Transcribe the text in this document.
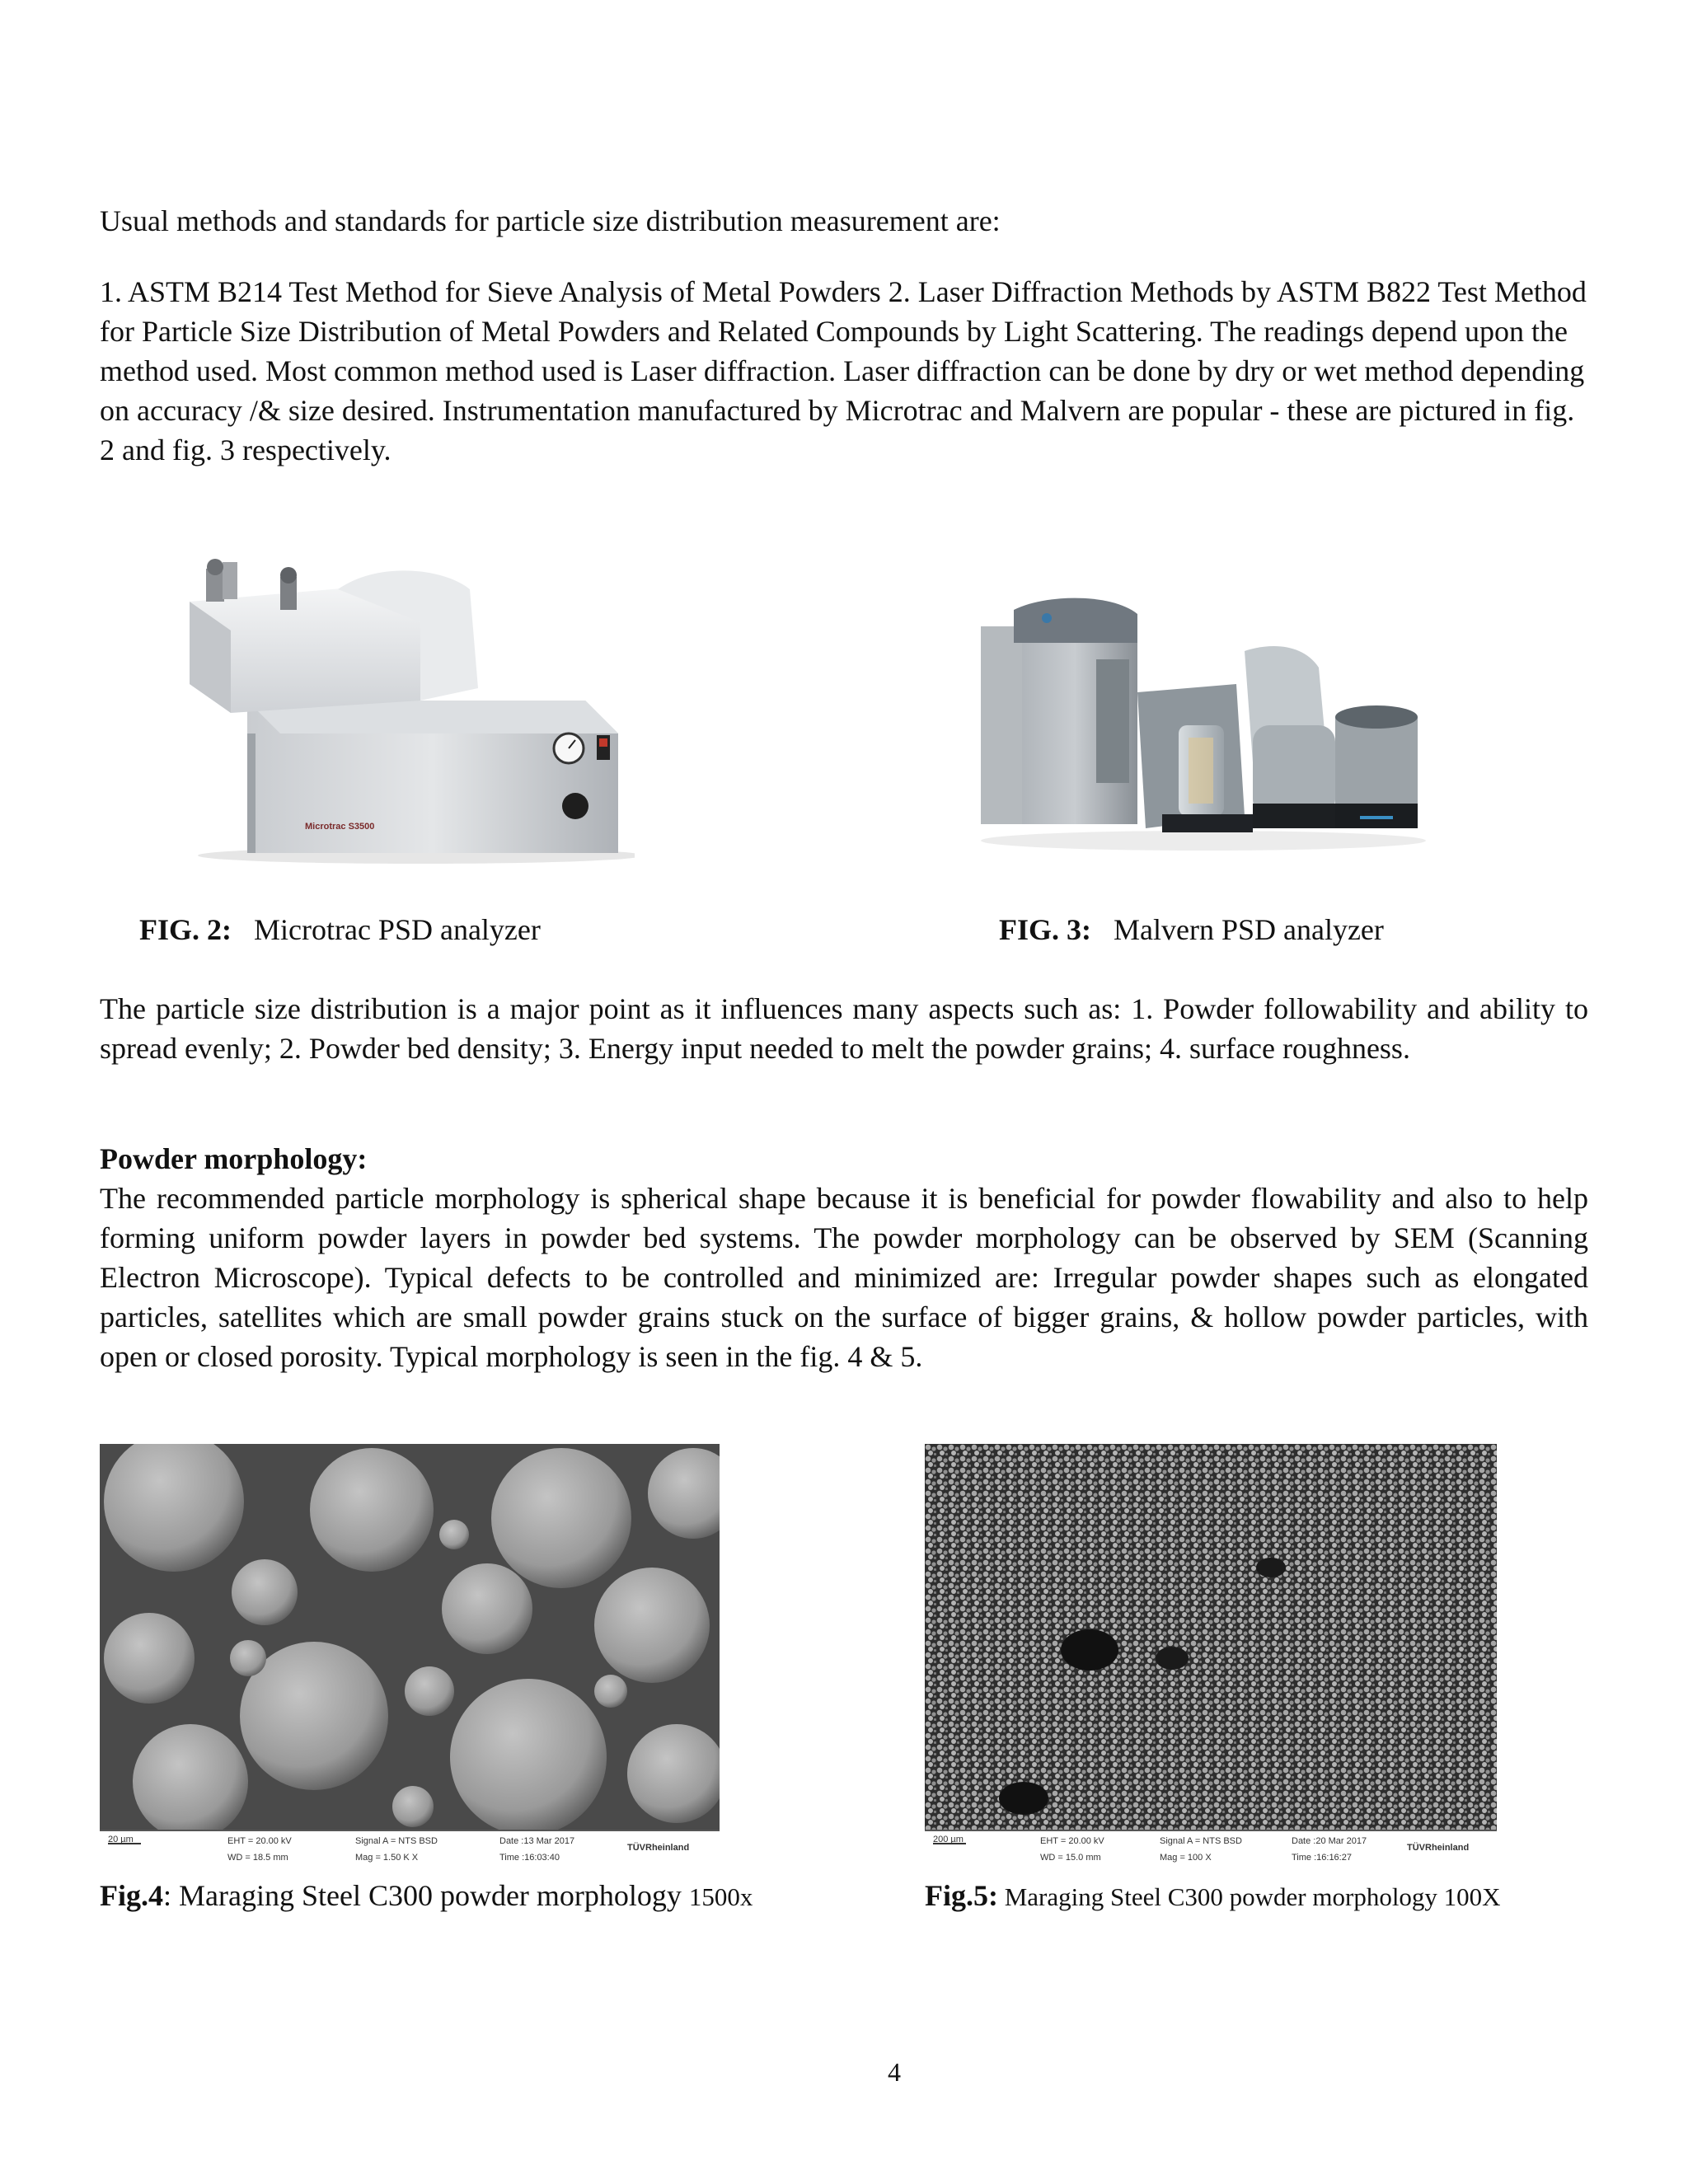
Usual methods and standards for particle size distribution measurement are:

1. ASTM B214 Test Method for Sieve Analysis of Metal Powders 2. Laser Diffraction Methods by ASTM B822 Test Method for Particle Size Distribution of Metal Powders and Related Compounds by Light Scattering. The readings depend upon the method used. Most common method used is Laser diffraction. Laser diffraction can be done by dry or wet method depending on accuracy /& size desired. Instrumentation manufactured by Microtrac and Malvern are popular - these are pictured in fig. 2 and fig. 3 respectively.

Microtrac S3500
FIG. 2: Microtrac PSD analyzer	FIG. 3: Malvern PSD analyzer

The particle size distribution is a major point as it influences many aspects such as: 1. Powder followability and ability to spread evenly; 2. Powder bed density; 3. Energy input needed to melt the powder grains; 4. surface roughness.

Powder morphology:

The recommended particle morphology is spherical shape because it is beneficial for powder flowability and also to help forming uniform powder layers in powder bed systems. The powder morphology can be observed by SEM (Scanning Electron Microscope). Typical defects to be controlled and minimized are: Irregular powder shapes such as elongated particles, satellites which are small powder grains stuck on the surface of bigger grains, & hollow powder particles, with open or closed porosity. Typical morphology is seen in the fig. 4 & 5.

20 µm	EHT = 20.00 kV
WD = 18.5 mm
Signal A = NTS BSD
Mag = 1.50 K X
Date :13 Mar 2017
Time :16:03:40
TÜVRheinland
200 µm	EHT = 20.00 kV
WD = 15.0 mm
Signal A = NTS BSD
Mag = 100 X
Date :20 Mar 2017
Time :16:16:27
TÜVRheinland
Fig.4: Maraging Steel C300 powder morphology 1500x	Fig.5: Maraging Steel C300 powder morphology 100X
4
